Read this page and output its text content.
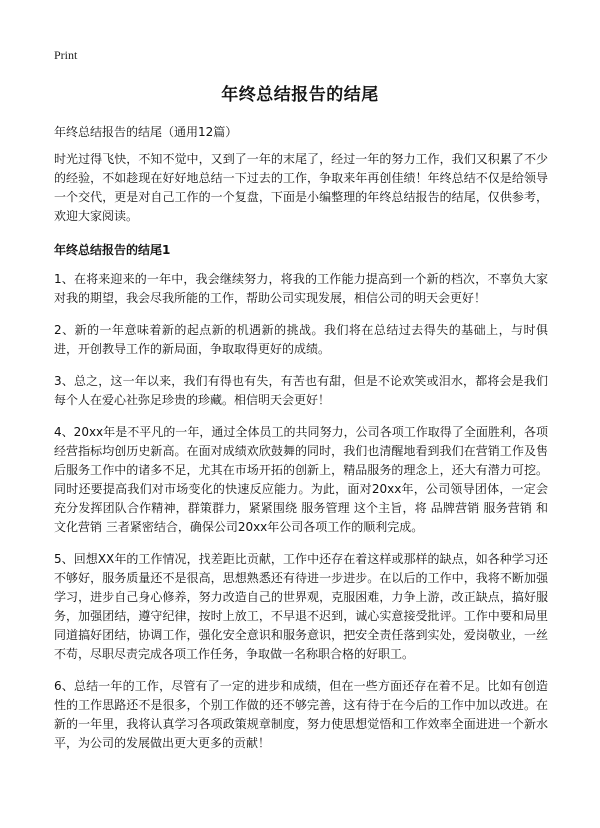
Print
年终总结报告的结尾
年终总结报告的结尾（通用12篇）

时光过得飞快，不知不觉中，又到了一年的末尾了，经过一年的努力工作，我们又积累了不少的经验，不如趁现在好好地总结一下过去的工作，争取来年再创佳绩！年终总结不仅是给领导一个交代，更是对自己工作的一个复盘，下面是小编整理的年终总结报告的结尾，仅供参考，欢迎大家阅读。

年终总结报告的结尾1

1、在将来迎来的一年中，我会继续努力，将我的工作能力提高到一个新的档次，不辜负大家对我的期望，我会尽我所能的工作，帮助公司实现发展，相信公司的明天会更好！

2、新的一年意味着新的起点新的机遇新的挑战。我们将在总结过去得失的基础上，与时俱进，开创教导工作的新局面，争取取得更好的成绩。

3、总之，这一年以来，我们有得也有失，有苦也有甜，但是不论欢笑或泪水，都将会是我们每个人在爱心社弥足珍贵的珍藏。相信明天会更好！

4、20xx年是不平凡的一年，通过全体员工的共同努力，公司各项工作取得了全面胜利，各项经营指标均创历史新高。在面对成绩欢欣鼓舞的同时，我们也清醒地看到我们在营销工作及售后服务工作中的诸多不足，尤其在市场开拓的创新上，精品服务的理念上，还大有潜力可挖。同时还要提高我们对市场变化的快速反应能力。为此，面对20xx年，公司领导团体，一定会充分发挥团队合作精神，群策群力，紧紧围绕 服务管理 这个主旨，将 品牌营销 服务营销 和 文化营销 三者紧密结合，确保公司20xx年公司各项工作的顺利完成。

5、回想XX年的工作情况，找差距比贡献，工作中还存在着这样或那样的缺点，如各种学习还不够好，服务质量还不是很高，思想熟悉还有待进一步进步。在以后的工作中，我将不断加强学习，进步自己身心修养，努力改造自己的世界观，克服困难，力争上游，改正缺点，搞好服务，加强团结，遵守纪律，按时上放工，不早退不迟到，诚心实意接受批评。工作中要和局里同道搞好团结，协调工作，强化安全意识和服务意识，把安全责任落到实处，爱岗敬业，一丝不苟，尽职尽责完成各项工作任务，争取做一名称职合格的好职工。

6、总结一年的工作，尽管有了一定的进步和成绩，但在一些方面还存在着不足。比如有创造性的工作思路还不是很多，个别工作做的还不够完善，这有待于在今后的工作中加以改进。在新的一年里，我将认真学习各项政策规章制度，努力使思想觉悟和工作效率全面进进一个新水平，为公司的发展做出更大更多的贡献！
